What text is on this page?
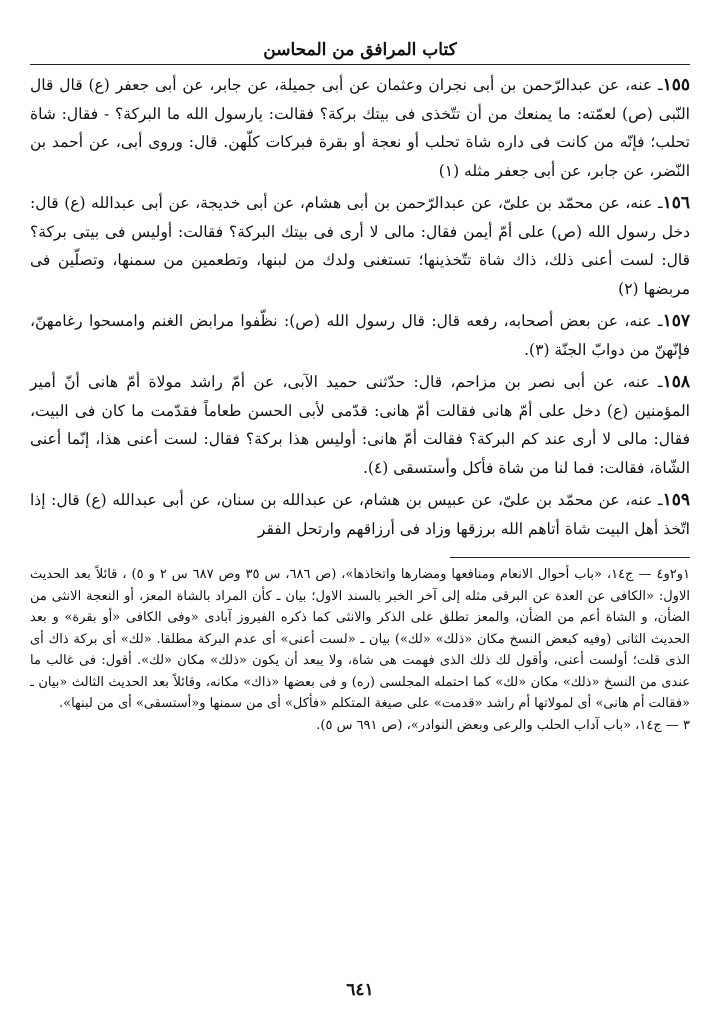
كتاب المرافق من المحاسن

١٥٥ـ عنه، عن عبدالرّحمن بن أبی نجران وعثمان عن أبی جمیلة، عن جابر، عن أبی جعفر (ع) قال قال النّبی (ص) لعمّته: ما یمنعك من أن تتّخذی فی بیتك بركة؟ فقالت: یارسول الله ما البركة؟ - فقال: شاة تحلب؛ فإنّه من كانت فی داره شاة تحلب أو نعجة أو بقرة فبركات كلّهن. قال: وروی أبی، عن أحمد بن النّضر، عن جابر، عن أبی جعفر مثله (١)

١٥٦ـ عنه، عن محمّد بن علیّ، عن عبدالرّحمن بن أبی هشام، عن أبی خدیجة، عن أبی عبدالله (ع) قال: دخل رسول الله (ص) علی أمّ أیمن فقال: مالی لا أری فی بیتك البركة؟ فقالت: أولیس فی بیتی بركة؟ قال: لست أعنی ذلك، ذاك شاة تتّخذینها؛ تستغنی ولدك من لبنها، وتطعمین من سمنها، وتصلّین فی مربضها (٢)

١٥٧ـ عنه، عن بعض أصحابه، رفعه قال: قال رسول الله (ص): نظّفوا مرابض الغنم وامسحوا رغامهنّ، فإنّهنّ من دوابّ الجنّة (٣).

١٥٨ـ عنه، عن أبی نصر بن مزاحم، قال: حدّثنی حمید الآبی، عن أمّ راشد مولاة أمّ هانی أنّ أمیر المؤمنین (ع) دخل علی أمّ هانی فقالت أمّ هانی: قدّمی لأبی الحسن طعاماً فقدّمت ما كان فی البیت، فقال: مالی لا أری عند كم البركة؟ فقالت أمّ هانی: أولیس هذا بركة؟ فقال: لست أعنی هذا، إنّما أعنی الشّاة، فقالت: فما لنا من شاة فأكل وأستسقی (٤).

١٥٩ـ عنه، عن محمّد بن علیّ، عن عبیس بن هشام، عن عبدالله بن سنان، عن أبی عبدالله (ع) قال: إذا اتّخذ أهل البیت شاة أتاهم الله برزقها وزاد فی أرزاقهم وارتحل الفقر

١و٢و٤ — ج١٤، «باب أحوال الانعام ومنافعها ومضارها واتخاذها»، (ص ٦٨٦، س ٣٥ وص ٦٨٧ س ٢ و ٥) ، قائلاً بعد الحدیث الاول: «الكافی عن العدة عن البرقی مثله إلی آخر الخبر بالسند الاول؛ بیان ـ كأن المراد بالشاة المعز، أو النعجة الانثی من الضأن، و الشاة أعم من الضأن، والمعز تطلق علی الذكر والانثی كما ذكره الفیروز آبادی «وفی الكافی «أو بقرة» و بعد الحدیث الثانی (وفیه كبعض النسخ مكان «ذلك» «لك») بیان ـ «لست أعنی» أی عدم البركة مطلقا. «لك» أی بركة ذاك أی الذی قلت؛ أولست أعنی، وأقول لك ذلك الذی فهمت هی شاة، ولا یبعد أن یكون «ذلك» مكان «لك». أقول: فی غالب ما عندی من النسخ «ذلك» مكان «لك» كما احتمله المجلسی (ره) و فی بعضها «ذاك» مكانه، وقائلاً بعد الحدیث الثالث «بیان ـ «فقالت أم هانی» أی لمولاتها أم راشد «قدمت» علی صیغة المتكلم «فأكل» أی من سمنها و«أستسقی» أی من لبنها».

٣ — ج١٤، «باب آداب الحلب والرعی وبعض النوادر»، (ص ٦٩١ س ٥).

٦٤١
